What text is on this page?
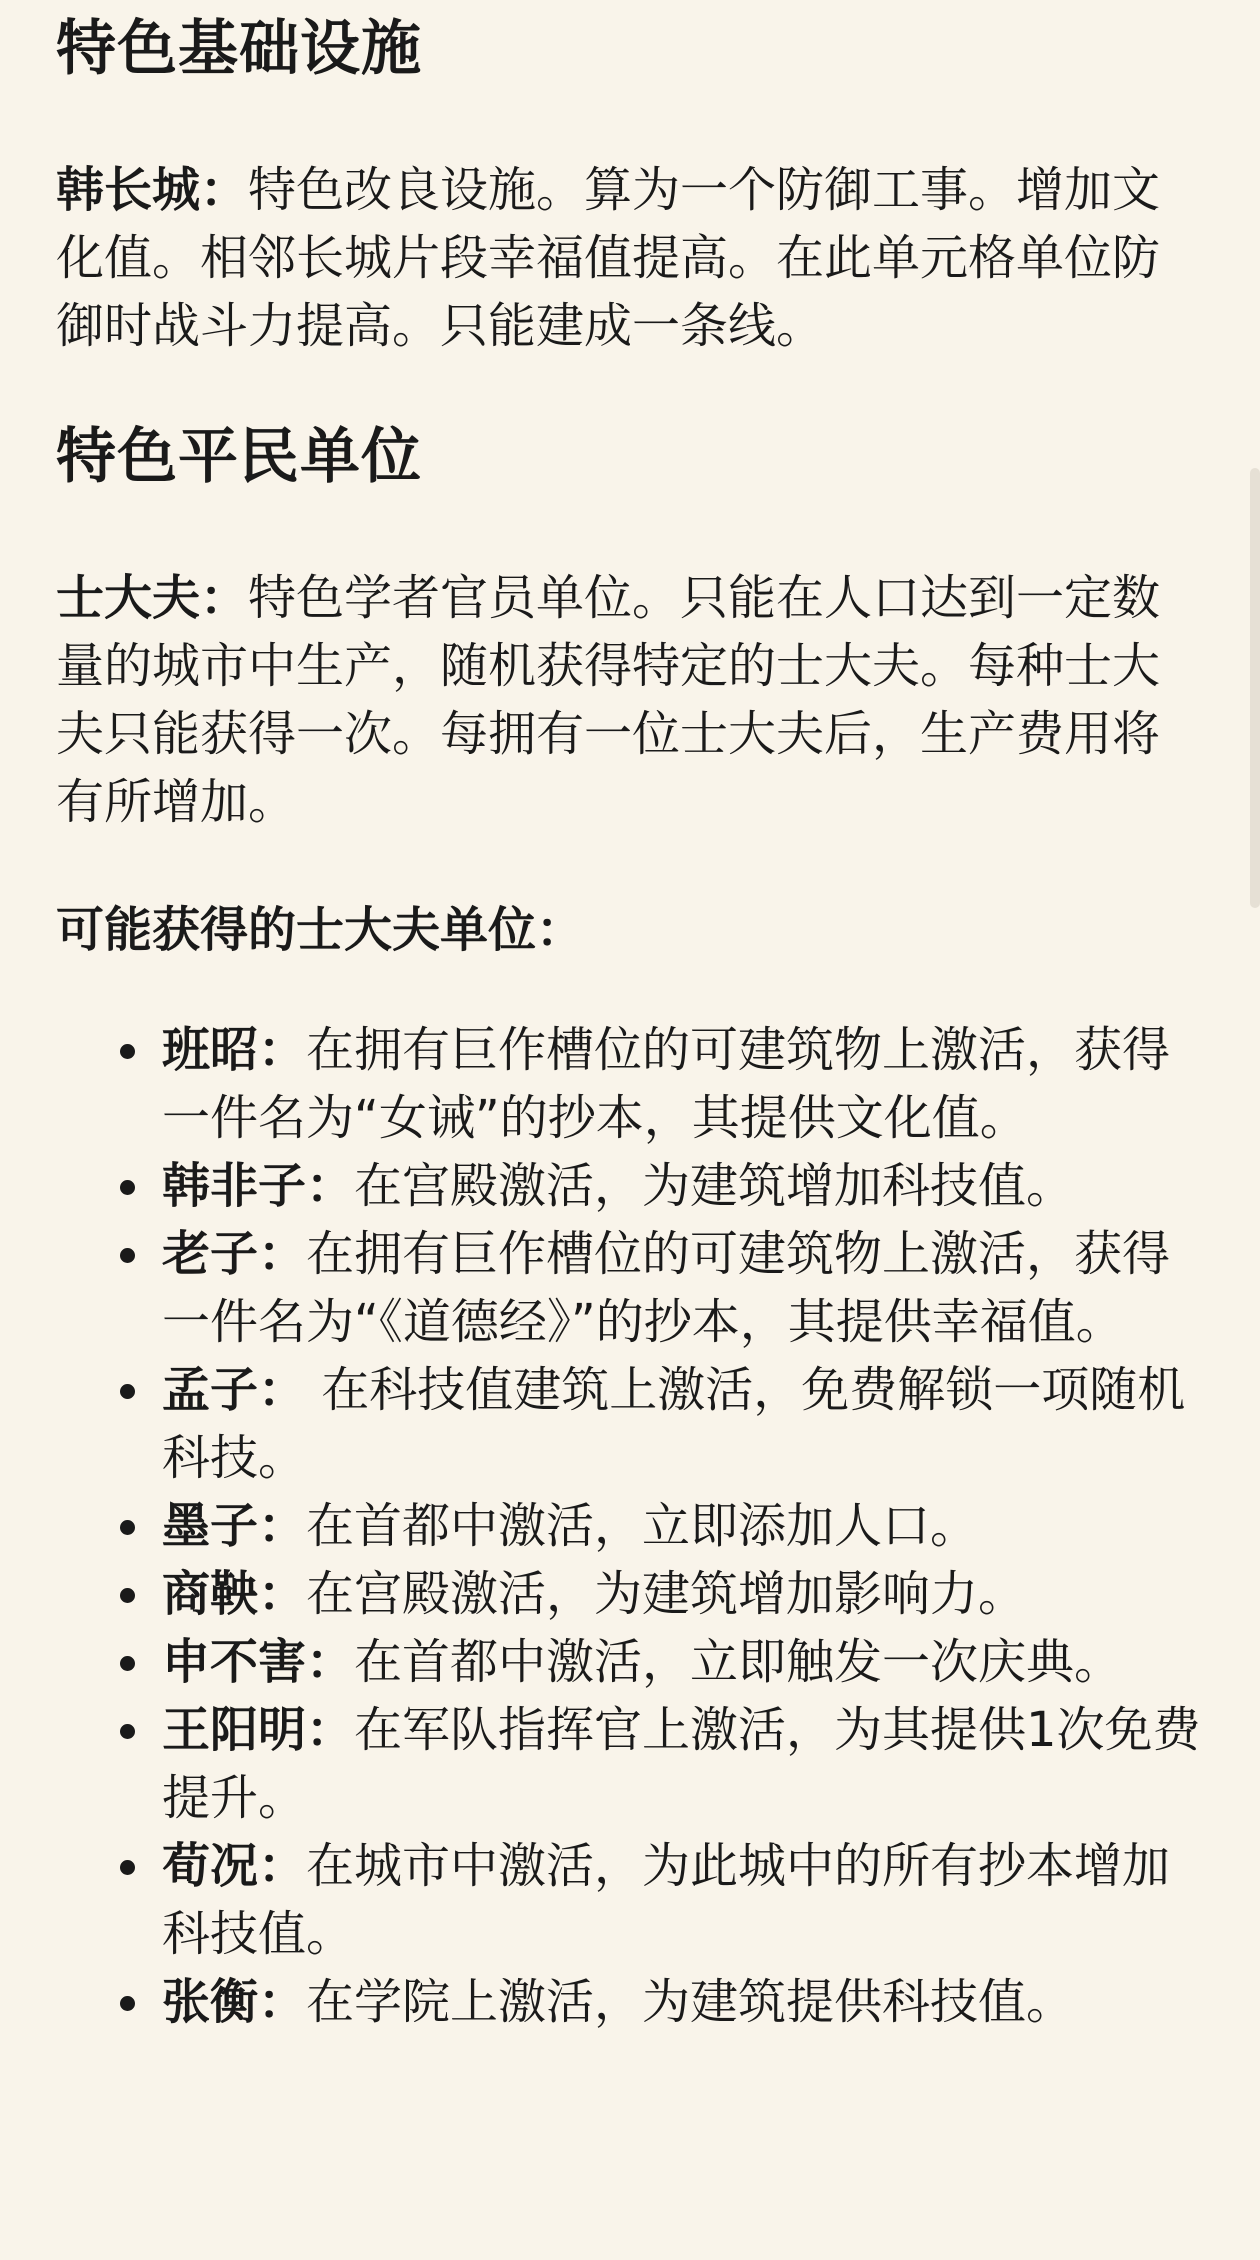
特色基础设施

韩长城：特色改良设施。算为一个防御工事。增加文化值。相邻长城片段幸福值提高。在此单元格单位防御时战斗力提高。只能建成一条线。

特色平民单位

士大夫：特色学者官员单位。只能在人口达到一定数量的城市中生产，随机获得特定的士大夫。每种士大夫只能获得一次。每拥有一位士大夫后，生产费用将有所增加。

可能获得的士大夫单位：

班昭：在拥有巨作槽位的可建筑物上激活，获得一件名为“女诫”的抄本，其提供文化值。
韩非子：在宫殿激活，为建筑增加科技值。
老子：在拥有巨作槽位的可建筑物上激活，获得一件名为“《道德经》”的抄本，其提供幸福值。
孟子： 在科技值建筑上激活，免费解锁一项随机科技。
墨子：在首都中激活，立即添加人口。
商鞅：在宫殿激活，为建筑增加影响力。
申不害：在首都中激活，立即触发一次庆典。
王阳明：在军队指挥官上激活，为其提供1次免费提升。
荀况：在城市中激活，为此城中的所有抄本增加科技值。
张衡：在学院上激活，为建筑提供科技值。
